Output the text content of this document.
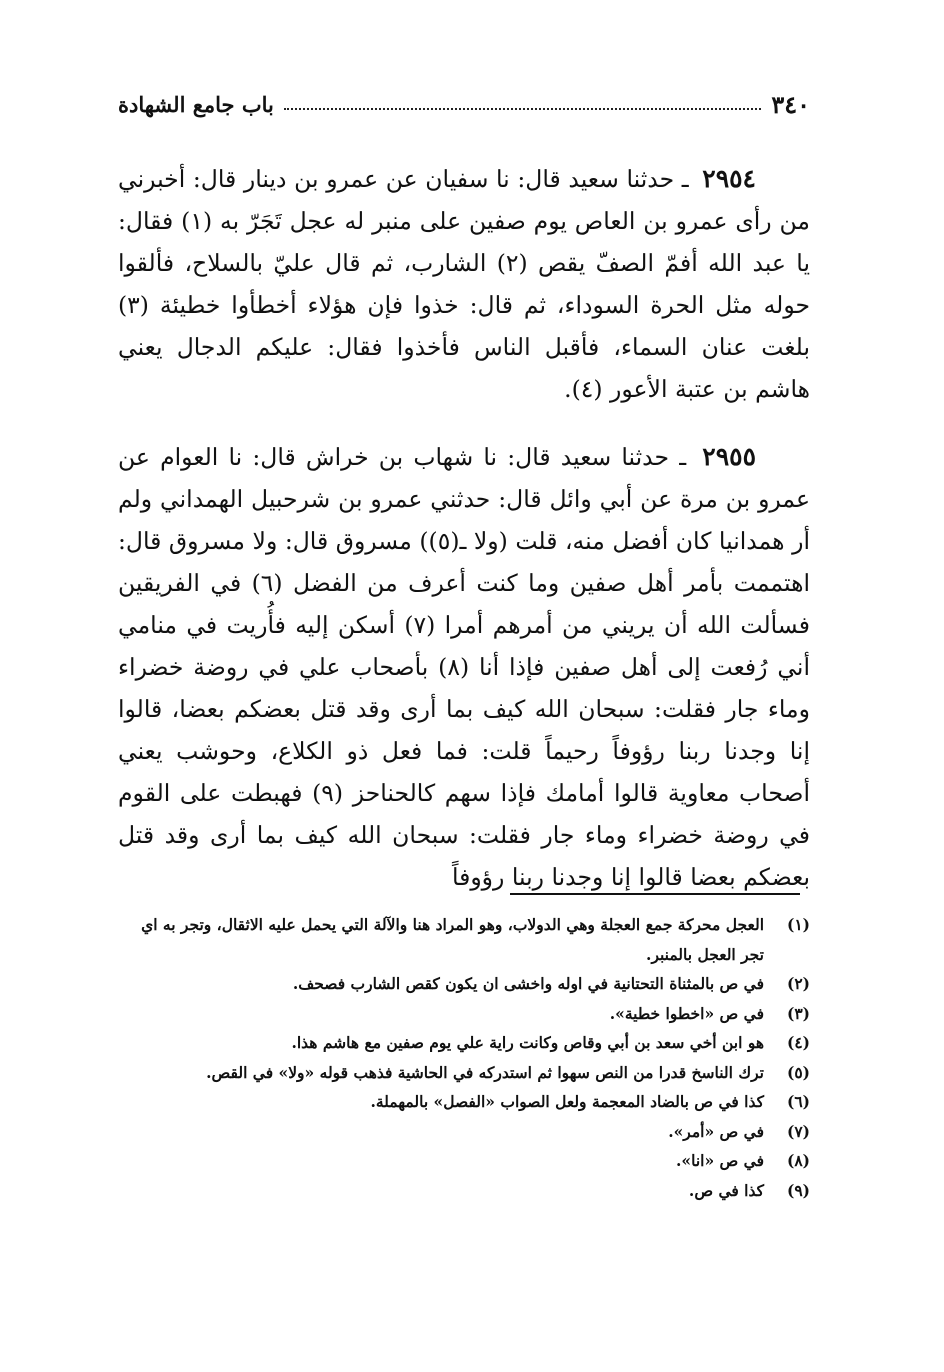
٣٤٠
باب جامع الشهادة

٢٩٥٤ ـ حدثنا سعيد قال: نا سفيان عن عمرو بن دينار قال: أخبرني من رأى عمرو بن العاص يوم صفين على منبر له عجل تَجَرّ به (١) فقال: يا عبد الله أفمّ الصفّ يقص (٢) الشارب، ثم قال عليّ بالسلاح، فألقوا حوله مثل الحرة السوداء، ثم قال: خذوا فإن هؤلاء أخطأوا خطيئة (٣) بلغت عنان السماء، فأقبل الناس فأخذوا فقال: عليكم الدجال يعني هاشم بن عتبة الأعور (٤).

٢٩٥٥ ـ حدثنا سعيد قال: نا شهاب بن خراش قال: نا العوام عن عمرو بن مرة عن أبي وائل قال: حدثني عمرو بن شرحبيل الهمداني ولم أر همدانيا كان أفضل منه، قلت (ولا ـ(٥)) مسروق قال: ولا مسروق قال: اهتممت بأمر أهل صفين وما كنت أعرف من الفضل (٦) في الفريقين فسألت الله أن يريني من أمرهم أمرا (٧) أسكن إليه فأُريت في منامي أني رُفعت إلى أهل صفين فإذا أنا (٨) بأصحاب علي في روضة خضراء وماء جار فقلت: سبحان الله كيف بما أرى وقد قتل بعضكم بعضا، قالوا إنا وجدنا ربنا رؤوفاً رحيماً قلت: فما فعل ذو الكلاع، وحوشب يعني أصحاب معاوية قالوا أمامك فإذا سهم كالحناحز (٩) فهبطت على القوم في روضة خضراء وماء جار فقلت: سبحان الله كيف بما أرى وقد قتل بعضكم بعضا قالوا إنا وجدنا ربنا رؤوفاً

(١)
العجل محركة جمع العجلة وهي الدولاب، وهو المراد هنا والآلة التي يحمل عليه الاثقال، وتجر به اي تجر العجل بالمنبر.
(٢)
في ص بالمثناة التحتانية في اوله واخشى ان يكون كقص الشارب فصحف.
(٣)
في ص «اخطوا خطية».
(٤)
هو ابن أخي سعد بن أبي وقاص وكانت راية علي يوم صفين مع هاشم هذا.
(٥)
ترك الناسخ قدرا من النص سهوا ثم استدركه في الحاشية فذهب قوله «ولا» في القص.
(٦)
كذا في ص بالضاد المعجمة ولعل الصواب «الفصل» بالمهملة.
(٧)
في ص «أمر».
(٨)
في ص «انا».
(٩)
كذا في ص.
